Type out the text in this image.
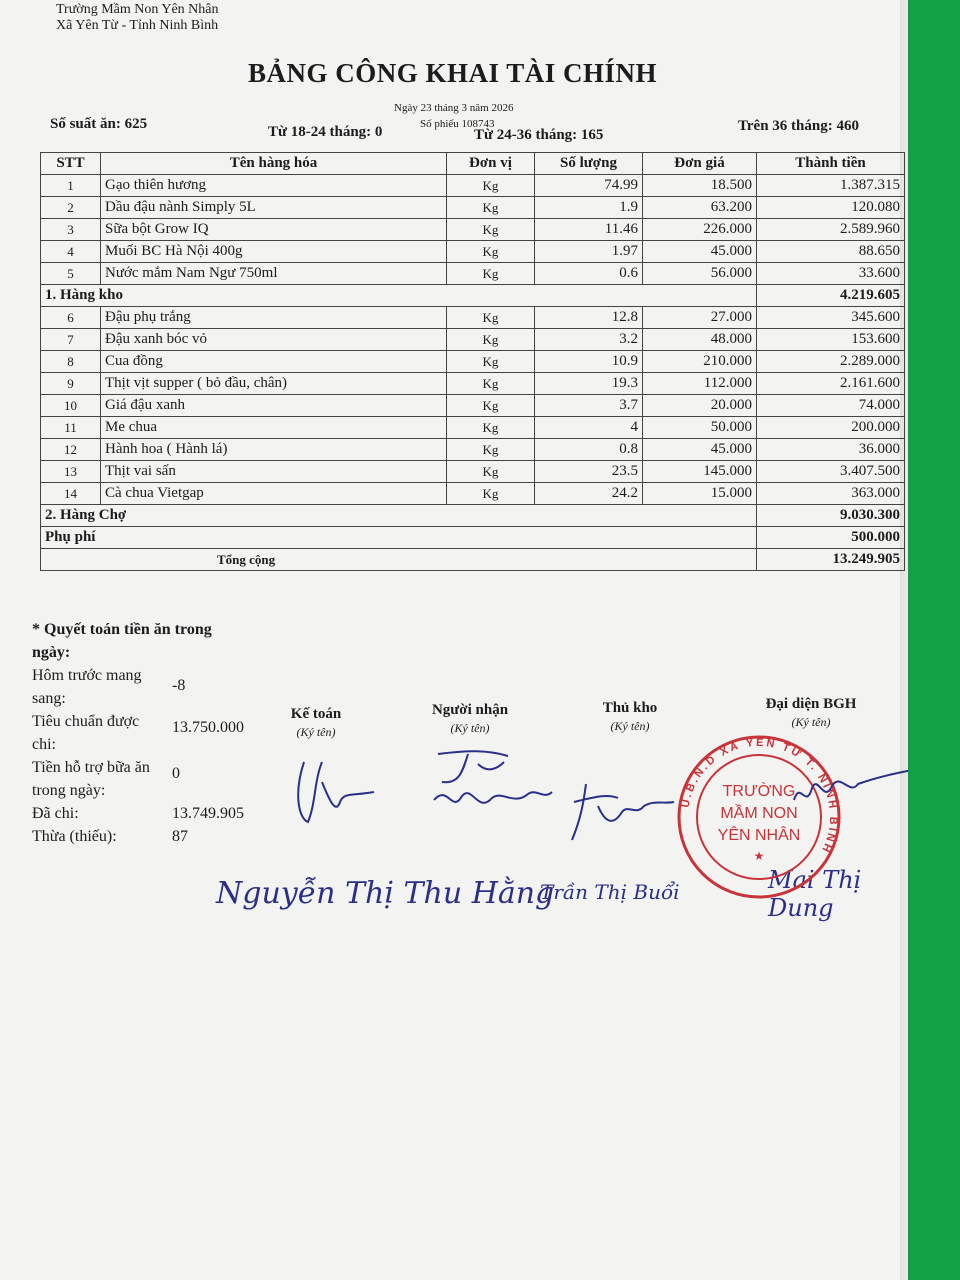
Trường Mầm Non Yên Nhân
Xã Yên Từ - Tỉnh Ninh Bình
BẢNG CÔNG KHAI TÀI CHÍNH
Ngày 23 tháng 3 năm 2026
Số phiếu 108743
Số suất ăn: 625	Từ 18-24 tháng: 0	Từ 24-36 tháng: 165
Trên 36 tháng: 460
STT	Tên hàng hóa	Đơn vị	Số lượng	Đơn giá	Thành tiền
1	Gạo thiên hương	Kg	74.99	18.500	1.387.315
2	Dầu đậu nành Simply 5L	Kg	1.9	63.200	120.080
3	Sữa bột Grow IQ	Kg	11.46	226.000	2.589.960
4	Muối BC Hà Nội 400g	Kg	1.97	45.000	88.650
5	Nước mắm Nam Ngư 750ml	Kg	0.6	56.000	33.600
1. Hàng kho					4.219.605
6	Đậu phụ trắng	Kg	12.8	27.000	345.600
7	Đậu xanh bóc vỏ	Kg	3.2	48.000	153.600
8	Cua đồng	Kg	10.9	210.000	2.289.000
9	Thịt vịt supper ( bỏ đầu, chân)	Kg	19.3	112.000	2.161.600
10	Giá đậu xanh	Kg	3.7	20.000	74.000
11	Me chua	Kg	4	50.000	200.000
12	Hành hoa ( Hành lá)	Kg	0.8	45.000	36.000
13	Thịt vai sấn	Kg	23.5	145.000	3.407.500
14	Cà chua Vietgap	Kg	24.2	15.000	363.000
2. Hàng Chợ					9.030.300
Phụ phí					500.000
Tổng cộng					13.249.905
* Quyết toán tiền ăn trong ngày:
Hôm trước mang sang:
-8
Tiêu chuẩn được chi:
13.750.000
Tiền hỗ trợ bữa ăn trong ngày:
0
Đã chi:	13.749.905
Thừa (thiếu):	87
Kế toán
(Ký tên)
Người nhận
(Ký tên)
Thủ kho
(Ký tên)
Đại diện BGH
(Ký tên)
Nguyễn Thị Thu Hằng
Trần Thị Buổi	Mai Thị Dung
U.B.N.D XÃ YÊN TỪ T. NINH BÌNH
TRƯỜNG
MẦM NON
YÊN NHÂN
★
